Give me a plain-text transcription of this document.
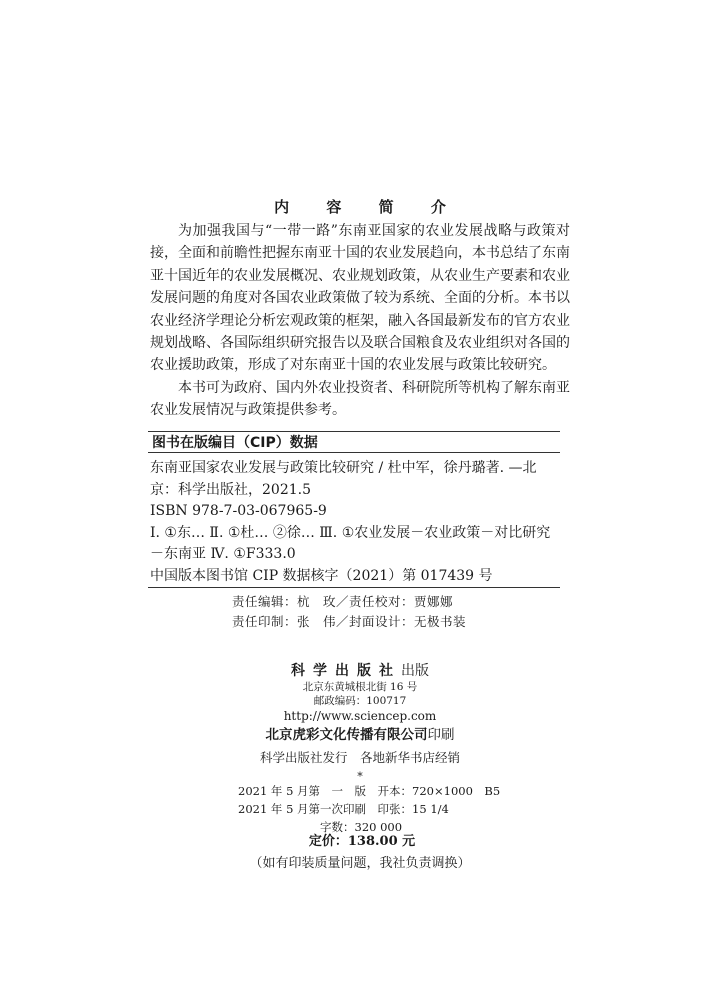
内 容 简 介

为加强我国与“一带一路”东南亚国家的农业发展战略与政策对接，全面和前瞻性把握东南亚十国的农业发展趋向，本书总结了东南亚十国近年的农业发展概况、农业规划政策，从农业生产要素和农业发展问题的角度对各国农业政策做了较为系统、全面的分析。本书以农业经济学理论分析宏观政策的框架，融入各国最新发布的官方农业规划战略、各国际组织研究报告以及联合国粮食及农业组织对各国的农业援助政策，形成了对东南亚十国的农业发展与政策比较研究。

本书可为政府、国内外农业投资者、科研院所等机构了解东南亚农业发展情况与政策提供参考。

图书在版编目（CIP）数据
东南亚国家农业发展与政策比较研究 / 杜中军，徐丹璐著. —北京：科学出版社，2021.5
ISBN 978-7-03-067965-9
Ⅰ. ①东… Ⅱ. ①杜… ②徐… Ⅲ. ①农业发展－农业政策－对比研究－东南亚 Ⅳ. ①F333.0
中国版本图书馆 CIP 数据核字（2021）第 017439 号
责任编辑：杭　玫／责任校对：贾娜娜
责任印制：张　伟／封面设计：无极书装
科学出版社出版
北京东黄城根北街 16 号
邮政编码：100717
http://www.sciencep.com
北京虎彩文化传播有限公司印刷
科学出版社发行　各地新华书店经销
*
2021 年 5 月第　一　版　开本：720×1000　B5
2021 年 5 月第一次印刷　印张：15 1/4
字数：320 000
定价：138.00 元
（如有印装质量问题，我社负责调换）
